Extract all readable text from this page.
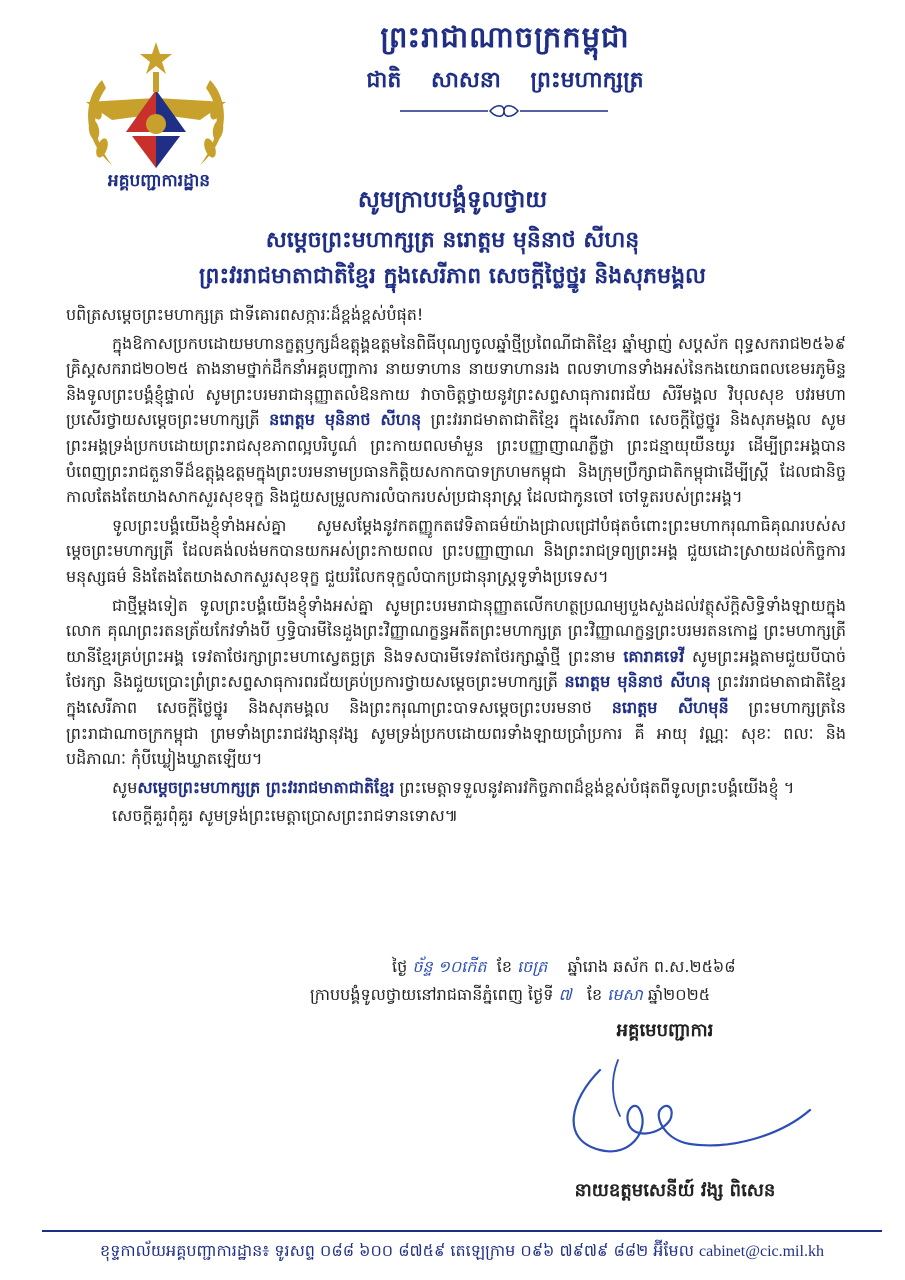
អគ្គបញ្ជាការដ្ឋាន
ព្រះរាជាណាចក្រកម្ពុជា
ជាតិ សាសនា ព្រះមហាក្សត្រ
សូមក្រាបបង្គំទូលថ្វាយ
សម្តេចព្រះមហាក្សត្រ នរោត្តម មុនិនាថ សីហនុ
ព្រះវររាជមាតាជាតិខ្មែរ ក្នុងសេរីភាព សេចក្តីថ្លៃថ្នូរ និងសុភមង្គល

បពិត្រសម្តេចព្រះមហាក្សត្រ ជាទីគោរពសក្ការៈដ៏ខ្ពង់ខ្ពស់បំផុត!

ក្នុងឱកាសប្រកបដោយមហានក្ខត្តឫក្សដ៏ឧត្តុង្គឧត្តមនៃពិធីបុណ្យចូលឆ្នាំថ្មីប្រពៃណីជាតិខ្មែរ ឆ្នាំម្សាញ់ សប្តស័ក ពុទ្ធសករាជ២៥៦៩ គ្រិស្តសករាជ២០២៥ តាងនាមថ្នាក់ដឹកនាំអគ្គបញ្ជាការ នាយទាហាន នាយទាហានរង ពលទាហានទាំងអស់នៃកងយោធពលខេមរភូមិន្ទ និងទូលព្រះបង្គំខ្ញុំផ្ទាល់ សូមព្រះបរមរាជានុញ្ញាតលំឱនកាយ វាចាចិត្តថ្វាយនូវព្រះសព្ទសាធុការពរជ័យ សិរីមង្គល វិបុលសុខ បវរមហាប្រសើរថ្វាយសម្តេចព្រះមហាក្សត្រី នរោត្តម មុនិនាថ សីហនុ ព្រះវររាជមាតាជាតិខ្មែរ ក្នុងសេរីភាព សេចក្តីថ្លៃថ្នូរ និងសុភមង្គល សូមព្រះអង្គទ្រង់ប្រកបដោយព្រះរាជសុខភាពល្អបរិបូណ៌ ព្រះកាយពលមាំមួន ព្រះបញ្ញាញាណភ្លឺថ្លា ព្រះជន្មាយុយឺនយូរ ដើម្បីព្រះអង្គបានបំពេញព្រះរាជតួនាទីដ៏ឧត្តុង្គឧត្តមក្នុងព្រះបរមនាមប្រធានកិត្តិយសកាកបាទក្រហមកម្ពុជា និងក្រុមប្រឹក្សាជាតិកម្ពុជាដើម្បីស្ត្រី ដែលជានិច្ចកាលតែងតែយាងសាកសួរសុខទុក្ខ និងជួយសម្រួលការលំបាករបស់ប្រជានុរាស្ត្រ ដែលជាកូនចៅ ចៅទួតរបស់ព្រះអង្គ។

ទូលព្រះបង្គំយើងខ្ញុំទាំងអស់គ្នា សូមសម្តែងនូវកតញ្ញូកតវេទិតាធម៌យ៉ាងជ្រាលជ្រៅបំផុតចំពោះព្រះមហាករុណាធិគុណរបស់សម្តេចព្រះមហាក្សត្រី ដែលគង់លង់មកបានយកអស់ព្រះកាយពល ព្រះបញ្ញាញាណ និងព្រះរាជទ្រព្យព្រះអង្គ ជួយដោះស្រាយដល់កិច្ចការមនុស្សធម៌ និងតែងតែយាងសាកសួរសុខទុក្ខ ជួយរំលែកទុក្ខលំបាកប្រជានុរាស្ត្រទូទាំងប្រទេស។

ជាថ្មីម្តងទៀត ទូលព្រះបង្គំយើងខ្ញុំទាំងអស់គ្នា សូមព្រះបរមរាជានុញ្ញាតលើកហត្ថប្រណម្យបួងសួងដល់វត្ថុស័ក្តិសិទ្ធិទាំងឡាយក្នុងលោក គុណព្រះរតនត្រ័យកែវទាំងបី ឫទ្ធិបារមីនៃដួងព្រះវិញ្ញាណក្ខន្ធអតីតព្រះមហាក្សត្រ ព្រះវិញ្ញាណក្ខន្ធព្រះបរមរតនកោដ្ឋ ព្រះមហាក្សត្រីយានីខ្មែរគ្រប់ព្រះអង្គ ទេវតាថែរក្សាព្រះមហាស្វេតច្ឆត្រ និងទសបារមីទេវតាថែរក្សាឆ្នាំថ្មី ព្រះនាម គោរាគទេវី សូមព្រះអង្គតាមជួយបីបាច់ថែរក្សា និងជួយប្រោះព្រំព្រះសព្ទសាធុការពរជ័យគ្រប់ប្រការថ្វាយសម្តេចព្រះមហាក្សត្រី នរោត្តម មុនិនាថ សីហនុ ព្រះវររាជមាតាជាតិខ្មែរ ក្នុងសេរីភាព សេចក្តីថ្លៃថ្នូរ និងសុភមង្គល និងព្រះករុណាព្រះបាទសម្តេចព្រះបរមនាថ នរោត្តម សីហមុនី ព្រះមហាក្សត្រនៃព្រះរាជាណាចក្រកម្ពុជា ព្រមទាំងព្រះរាជវង្សានុវង្ស សូមទ្រង់ប្រកបដោយពរទាំងឡាយប្រាំប្រការ គឺ អាយុ វណ្ណៈ សុខៈ ពលៈ និងបដិភាណៈ កុំបីឃ្លៀងឃ្លាតឡើយ។

សូមសម្តេចព្រះមហាក្សត្រ ព្រះវររាជមាតាជាតិខ្មែរ ព្រះមេត្តាទទួលនូវគារវកិច្ចភាពដ៏ខ្ពង់ខ្ពស់បំផុតពីទូលព្រះបង្គំយើងខ្ញុំ ។

សេចក្តីគួរពុំគួរ សូមទ្រង់ព្រះមេត្តាប្រោសព្រះរាជទានទោស៕

ថ្ងៃ ច័ន្ទ ១០កើត ខែ ចេត្រ ឆ្នាំរោង ឆស័ក ព.ស.២៥៦៨
ក្រាបបង្គំទូលថ្វាយនៅរាជធានីភ្នំពេញ ថ្ងៃទី ៧ ខែ មេសា ឆ្នាំ២០២៥
អគ្គមេបញ្ជាការ
នាយឧត្តមសេនីយ៍ វង្ស ពិសេន
ខុទ្ទកាល័យអគ្គបញ្ជាការដ្ឋាន៖ ទូរសព្ទ ០៨៨ ៦០០ ៨៧៥៩ តេឡេក្រាម ០៩៦ ៧៩៧៩ ៨៨២ អ៊ីមែល cabinet@cic.mil.kh
